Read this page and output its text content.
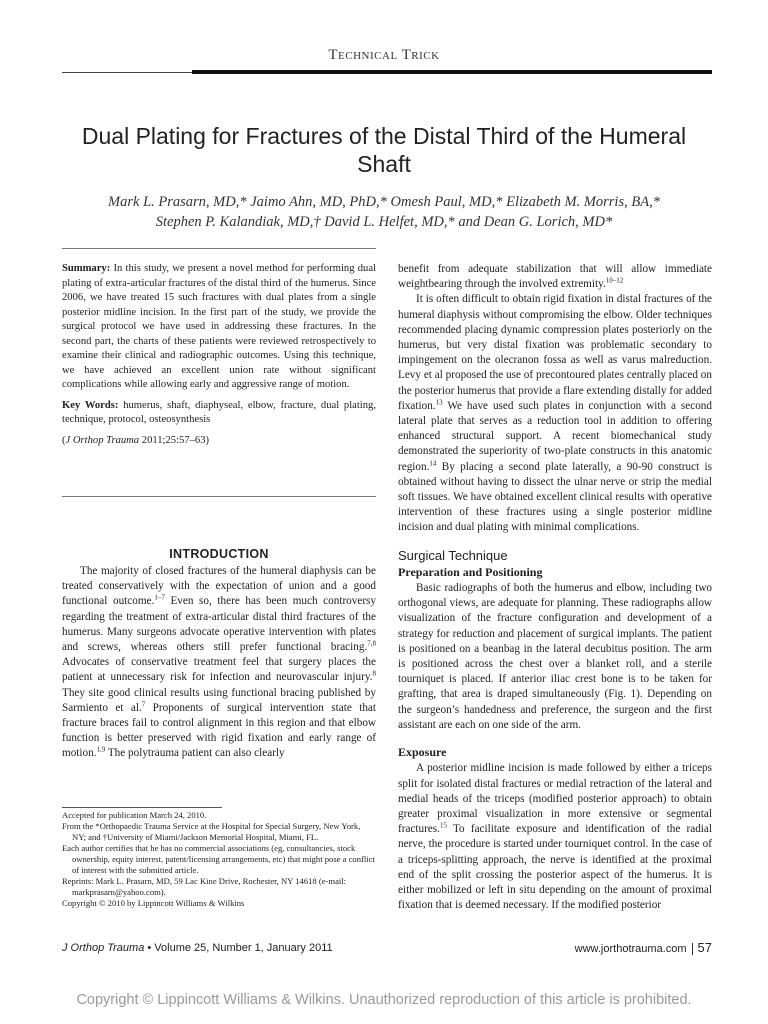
Technical Trick
Dual Plating for Fractures of the Distal Third of the Humeral Shaft
Mark L. Prasarn, MD,* Jaimo Ahn, MD, PhD,* Omesh Paul, MD,* Elizabeth M. Morris, BA,*
Stephen P. Kalandiak, MD,† David L. Helfet, MD,* and Dean G. Lorich, MD*

Summary: In this study, we present a novel method for performing dual plating of extra-articular fractures of the distal third of the humerus. Since 2006, we have treated 15 such fractures with dual plates from a single posterior midline incision. In the first part of the study, we provide the surgical protocol we have used in addressing these fractures. In the second part, the charts of these patients were reviewed retrospectively to examine their clinical and radiographic outcomes. Using this technique, we have achieved an excellent union rate without significant complications while allowing early and aggressive range of motion.

Key Words: humerus, shaft, diaphyseal, elbow, fracture, dual plating, technique, protocol, osteosynthesis

(J Orthop Trauma 2011;25:57–63)

INTRODUCTION

The majority of closed fractures of the humeral diaphysis can be treated conservatively with the expectation of union and a good functional outcome.$^{1-7}$ Even so, there has been much controversy regarding the treatment of extra-articular distal third fractures of the humerus. Many surgeons advocate operative intervention with plates and screws, whereas others still prefer functional bracing.$^{7,8}$ Advocates of conservative treatment feel that surgery places the patient at unnecessary risk for infection and neurovascular injury.$^8$ They site good clinical results using functional bracing published by Sarmiento et al.$^7$ Proponents of surgical intervention state that fracture braces fail to control alignment in this region and that elbow function is better preserved with rigid fixation and early range of motion.$^{1,9}$ The polytrauma patient can also clearly

Accepted for publication March 24, 2010.
From the *Orthopaedic Trauma Service at the Hospital for Special Surgery, New York, NY; and †University of Miami/Jackson Memorial Hospital, Miami, FL.
Each author certifies that he has no commercial associations (eg, consultancies, stock ownership, equity interest, patent/licensing arrangements, etc) that might pose a conflict of interest with the submitted article.
Reprints: Mark L. Prasarn, MD, 59 Lac Kine Drive, Rochester, NY 14618 (e-mail: markprasarn@yahoo.com).
Copyright © 2010 by Lippincott Williams & Wilkins

benefit from adequate stabilization that will allow immediate weightbearing through the involved extremity.$^{10-12}$

It is often difficult to obtain rigid fixation in distal fractures of the humeral diaphysis without compromising the elbow. Older techniques recommended placing dynamic compression plates posteriorly on the humerus, but very distal fixation was problematic secondary to impingement on the olecranon fossa as well as varus malreduction. Levy et al proposed the use of precontoured plates centrally placed on the posterior humerus that provide a flare extending distally for added fixation.$^{13}$ We have used such plates in conjunction with a second lateral plate that serves as a reduction tool in addition to offering enhanced structural support. A recent biomechanical study demonstrated the superiority of two-plate constructs in this anatomic region.$^{14}$ By placing a second plate laterally, a 90-90 construct is obtained without having to dissect the ulnar nerve or strip the medial soft tissues. We have obtained excellent clinical results with operative intervention of these fractures using a single posterior midline incision and dual plating with minimal complications.

Surgical Technique
Preparation and Positioning

Basic radiographs of both the humerus and elbow, including two orthogonal views, are adequate for planning. These radiographs allow visualization of the fracture configuration and development of a strategy for reduction and placement of surgical implants. The patient is positioned on a beanbag in the lateral decubitus position. The arm is positioned across the chest over a blanket roll, and a sterile tourniquet is placed. If anterior iliac crest bone is to be taken for grafting, that area is draped simultaneously (Fig. 1). Depending on the surgeon’s handedness and preference, the surgeon and the first assistant are each on one side of the arm.

Exposure

A posterior midline incision is made followed by either a triceps split for isolated distal fractures or medial retraction of the lateral and medial heads of the triceps (modified posterior approach) to obtain greater proximal visualization in more extensive or segmental fractures.$^{15}$ To facilitate exposure and identification of the radial nerve, the procedure is started under tourniquet control. In the case of a triceps-splitting approach, the nerve is identified at the proximal end of the split crossing the posterior aspect of the humerus. It is either mobilized or left in situ depending on the amount of proximal fixation that is deemed necessary. If the modified posterior

J Orthop Trauma • Volume 25, Number 1, January 2011	www.jorthotrauma.com 57
Copyright © Lippincott Williams & Wilkins. Unauthorized reproduction of this article is prohibited.
